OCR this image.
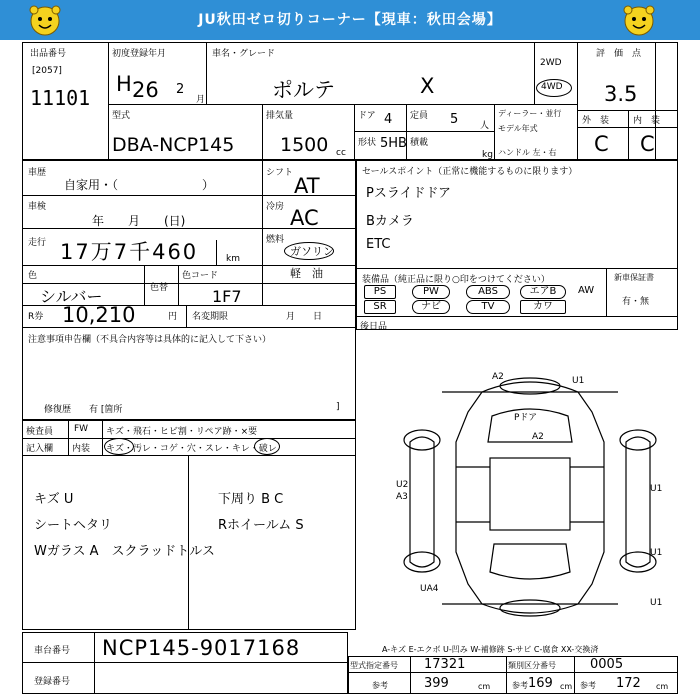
JU秋田ゼロ切りコーナー【現車：秋田会場】
出品番号
[2057]
11101
初度登録年月
H 26 2
月
車名・グレード
ポルテ	X
2WD
4WD
評　価　点
3.5
外　装	内　装
C C
型式
DBA-NCP145
排気量
1500 cc
ドア 4 定員 5 人
形状 5HB 積載
kg
ディーラー・並行
モデル年式
ハンドル 左・右
車歴
自家用・（　　　　　　　）
シフト
AT
車検
年　　月　　(日)
冷房 AC
走行 17万7千460	km
燃料
ガソリン
軽　油
色
シルバー	色替
色コード
1F7
R券 10,210	円 名変期限	月　　日
注意事項申告欄（不具合内容等は具体的に記入して下さい）
修復歴　　有 [箇所	]
セールスポイント（正常に機能するものに限ります）
Pスライドドア
Bカメラ
ETC
装備品（純正品に限り○印をつけてください）	新車保証書
有・無
PS	PW	ABS	エアB	AW
SR	ナビ	TV	カワ
後日品
検査員
記入欄
FW
内装
キズ・飛石・ヒビ割・リペア跡・×要
キズ・汚レ・コゲ・穴・スレ・キレ・破レ
キズ U
シートヘタリ
Wガラス A　スクラッドトルス
下周り B C
Rホイールム S
A2	U1
Pドア
A2
U2
A3
U1
U1
UA4
U1
車台番号 NCP145-9017168
登録番号
A-キズ E-エクボ U-凹み W-補修跡 S-サビ C-腐食 XX-交換済
型式指定番号 17321	類別区分番号	0005
参考	399	cm	参考 169 cm 参考 172 cm
